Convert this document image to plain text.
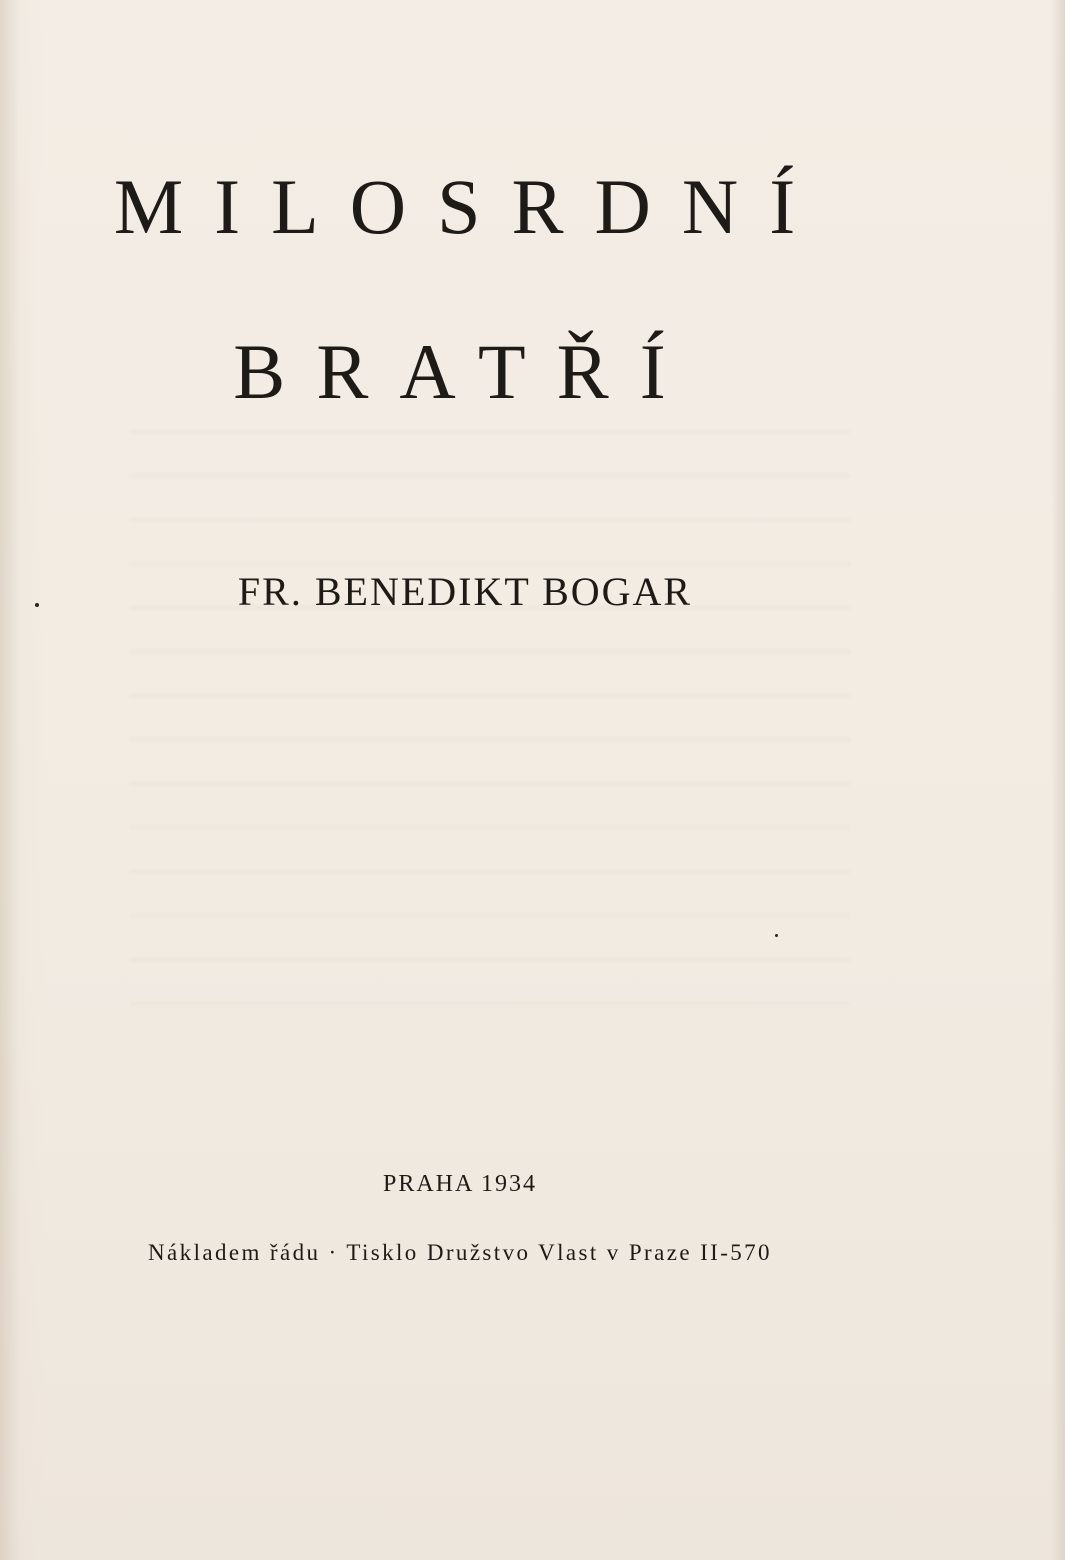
MILOSRDNÍ
BRATŘÍ
FR. BENEDIKT BOGAR
PRAHA 1934
Nákladem řádu · Tisklo Družstvo Vlast v Praze II-570
